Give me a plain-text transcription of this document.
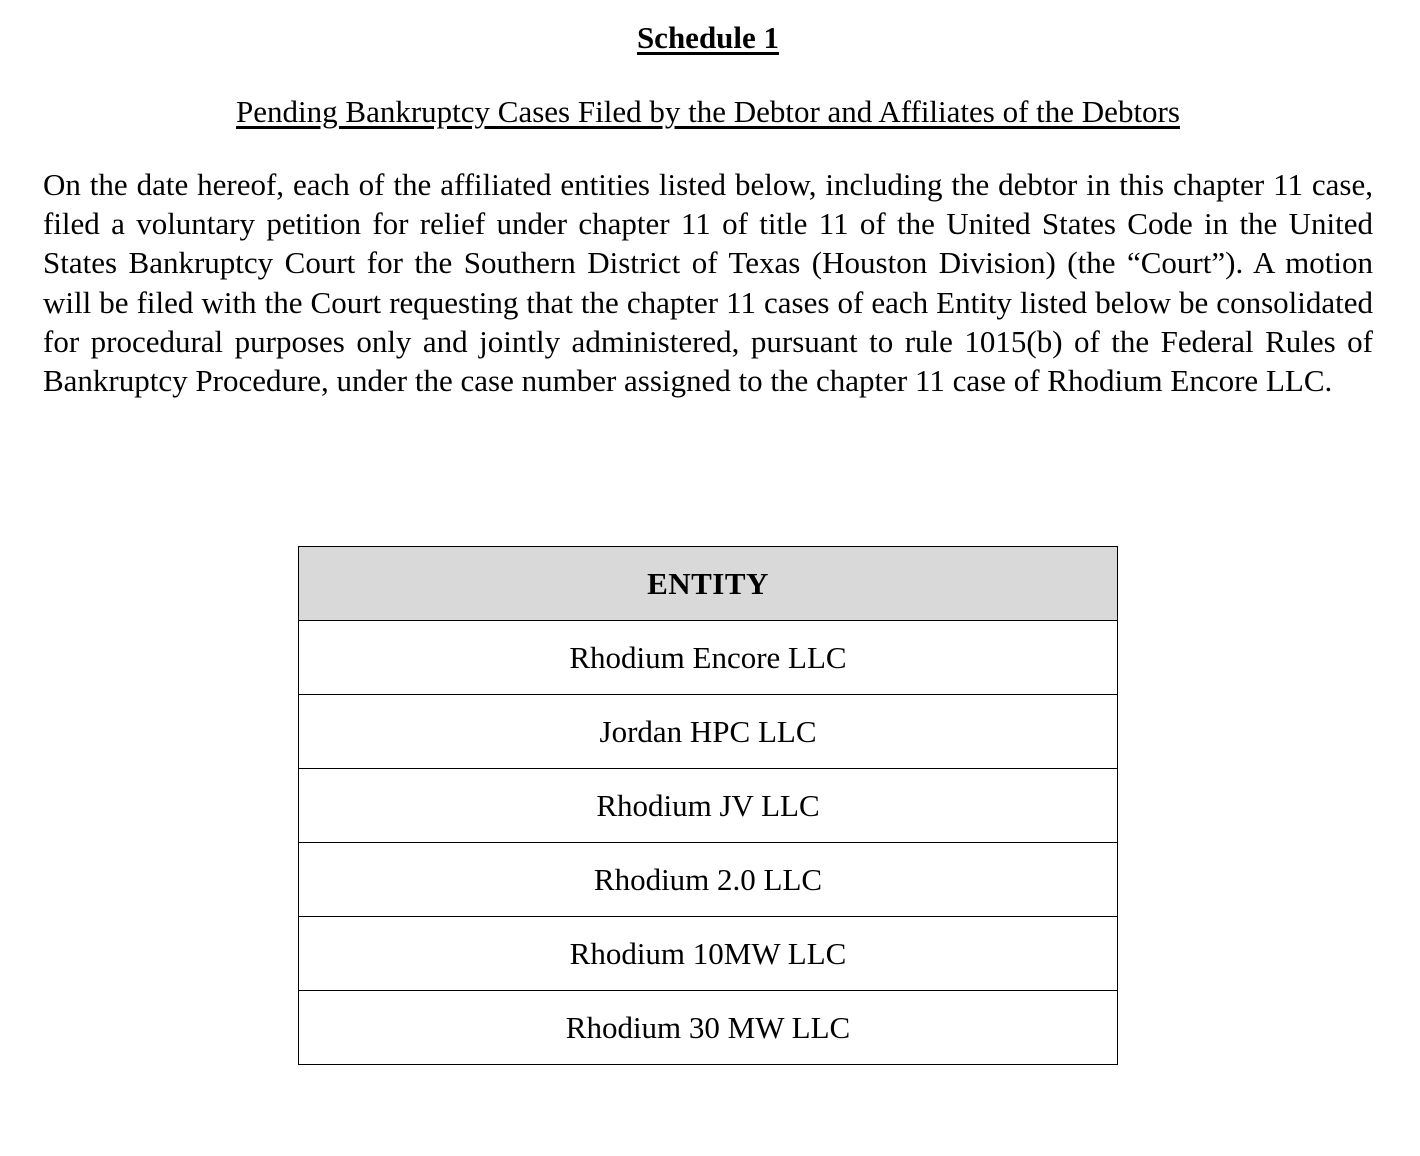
Schedule 1
Pending Bankruptcy Cases Filed by the Debtor and Affiliates of the Debtors

On the date hereof, each of the affiliated entities listed below, including the debtor in this chapter 11 case, filed a voluntary petition for relief under chapter 11 of title 11 of the United States Code in the United States Bankruptcy Court for the Southern District of Texas (Houston Division) (the “Court”). A motion will be filed with the Court requesting that the chapter 11 cases of each Entity listed below be consolidated for procedural purposes only and jointly administered, pursuant to rule 1015(b) of the Federal Rules of Bankruptcy Procedure, under the case number assigned to the chapter 11 case of Rhodium Encore LLC.

ENTITY
Rhodium Encore LLC
Jordan HPC LLC
Rhodium JV LLC
Rhodium 2.0 LLC
Rhodium 10MW LLC
Rhodium 30 MW LLC
